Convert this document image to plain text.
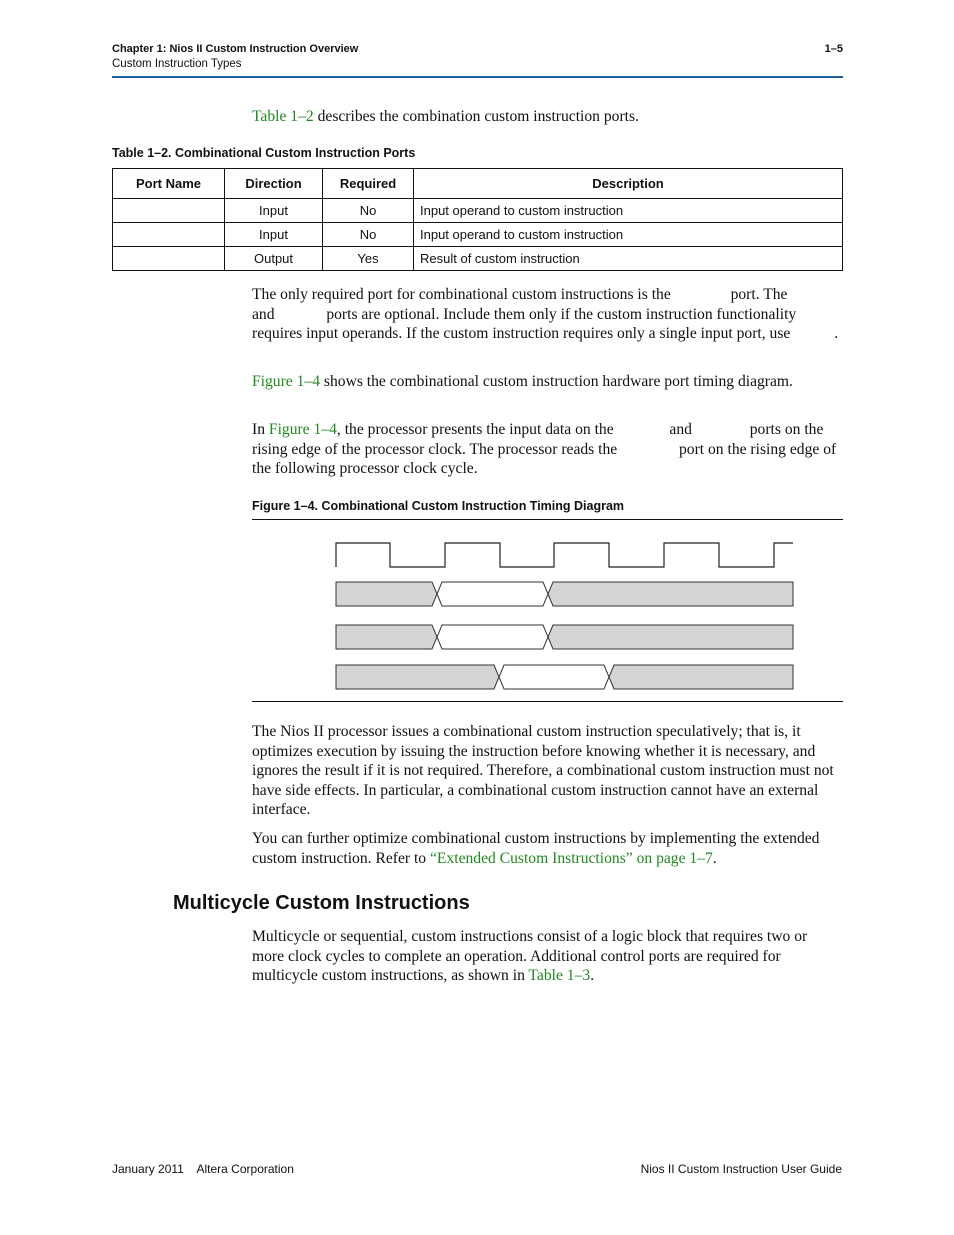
Chapter 1: Nios II Custom Instruction Overview	1–5
Custom Instruction Types

Table 1–2 describes the combination custom instruction ports.

Table 1–2. Combinational Custom Instruction Ports
Port Name	Direction	Required	Description
	Input	No	Input operand to custom instruction
	Input	No	Input operand to custom instruction
	Output	Yes	Result of custom instruction

The only required port for combinational custom instructions is the	port. The  and	ports are optional. Include them only if the custom instruction functionality requires input operands. If the custom instruction requires only a single input port, use	.

Figure 1–4 shows the combinational custom instruction hardware port timing diagram.

In Figure 1–4, the processor presents the input data on the	and	ports on the rising edge of the processor clock. The processor reads the	port on the rising edge of the following processor clock cycle.

Figure 1–4. Combinational Custom Instruction Timing Diagram

The Nios II processor issues a combinational custom instruction speculatively; that is, it optimizes execution by issuing the instruction before knowing whether it is necessary, and ignores the result if it is not required. Therefore, a combinational custom instruction must not have side effects. In particular, a combinational custom instruction cannot have an external interface.

You can further optimize combinational custom instructions by implementing the extended custom instruction. Refer to “Extended Custom Instructions” on page 1–7.

Multicycle Custom Instructions

Multicycle or sequential, custom instructions consist of a logic block that requires two or more clock cycles to complete an operation. Additional control ports are required for multicycle custom instructions, as shown in Table 1–3.

January 2011    Altera Corporation	Nios II Custom Instruction User Guide
